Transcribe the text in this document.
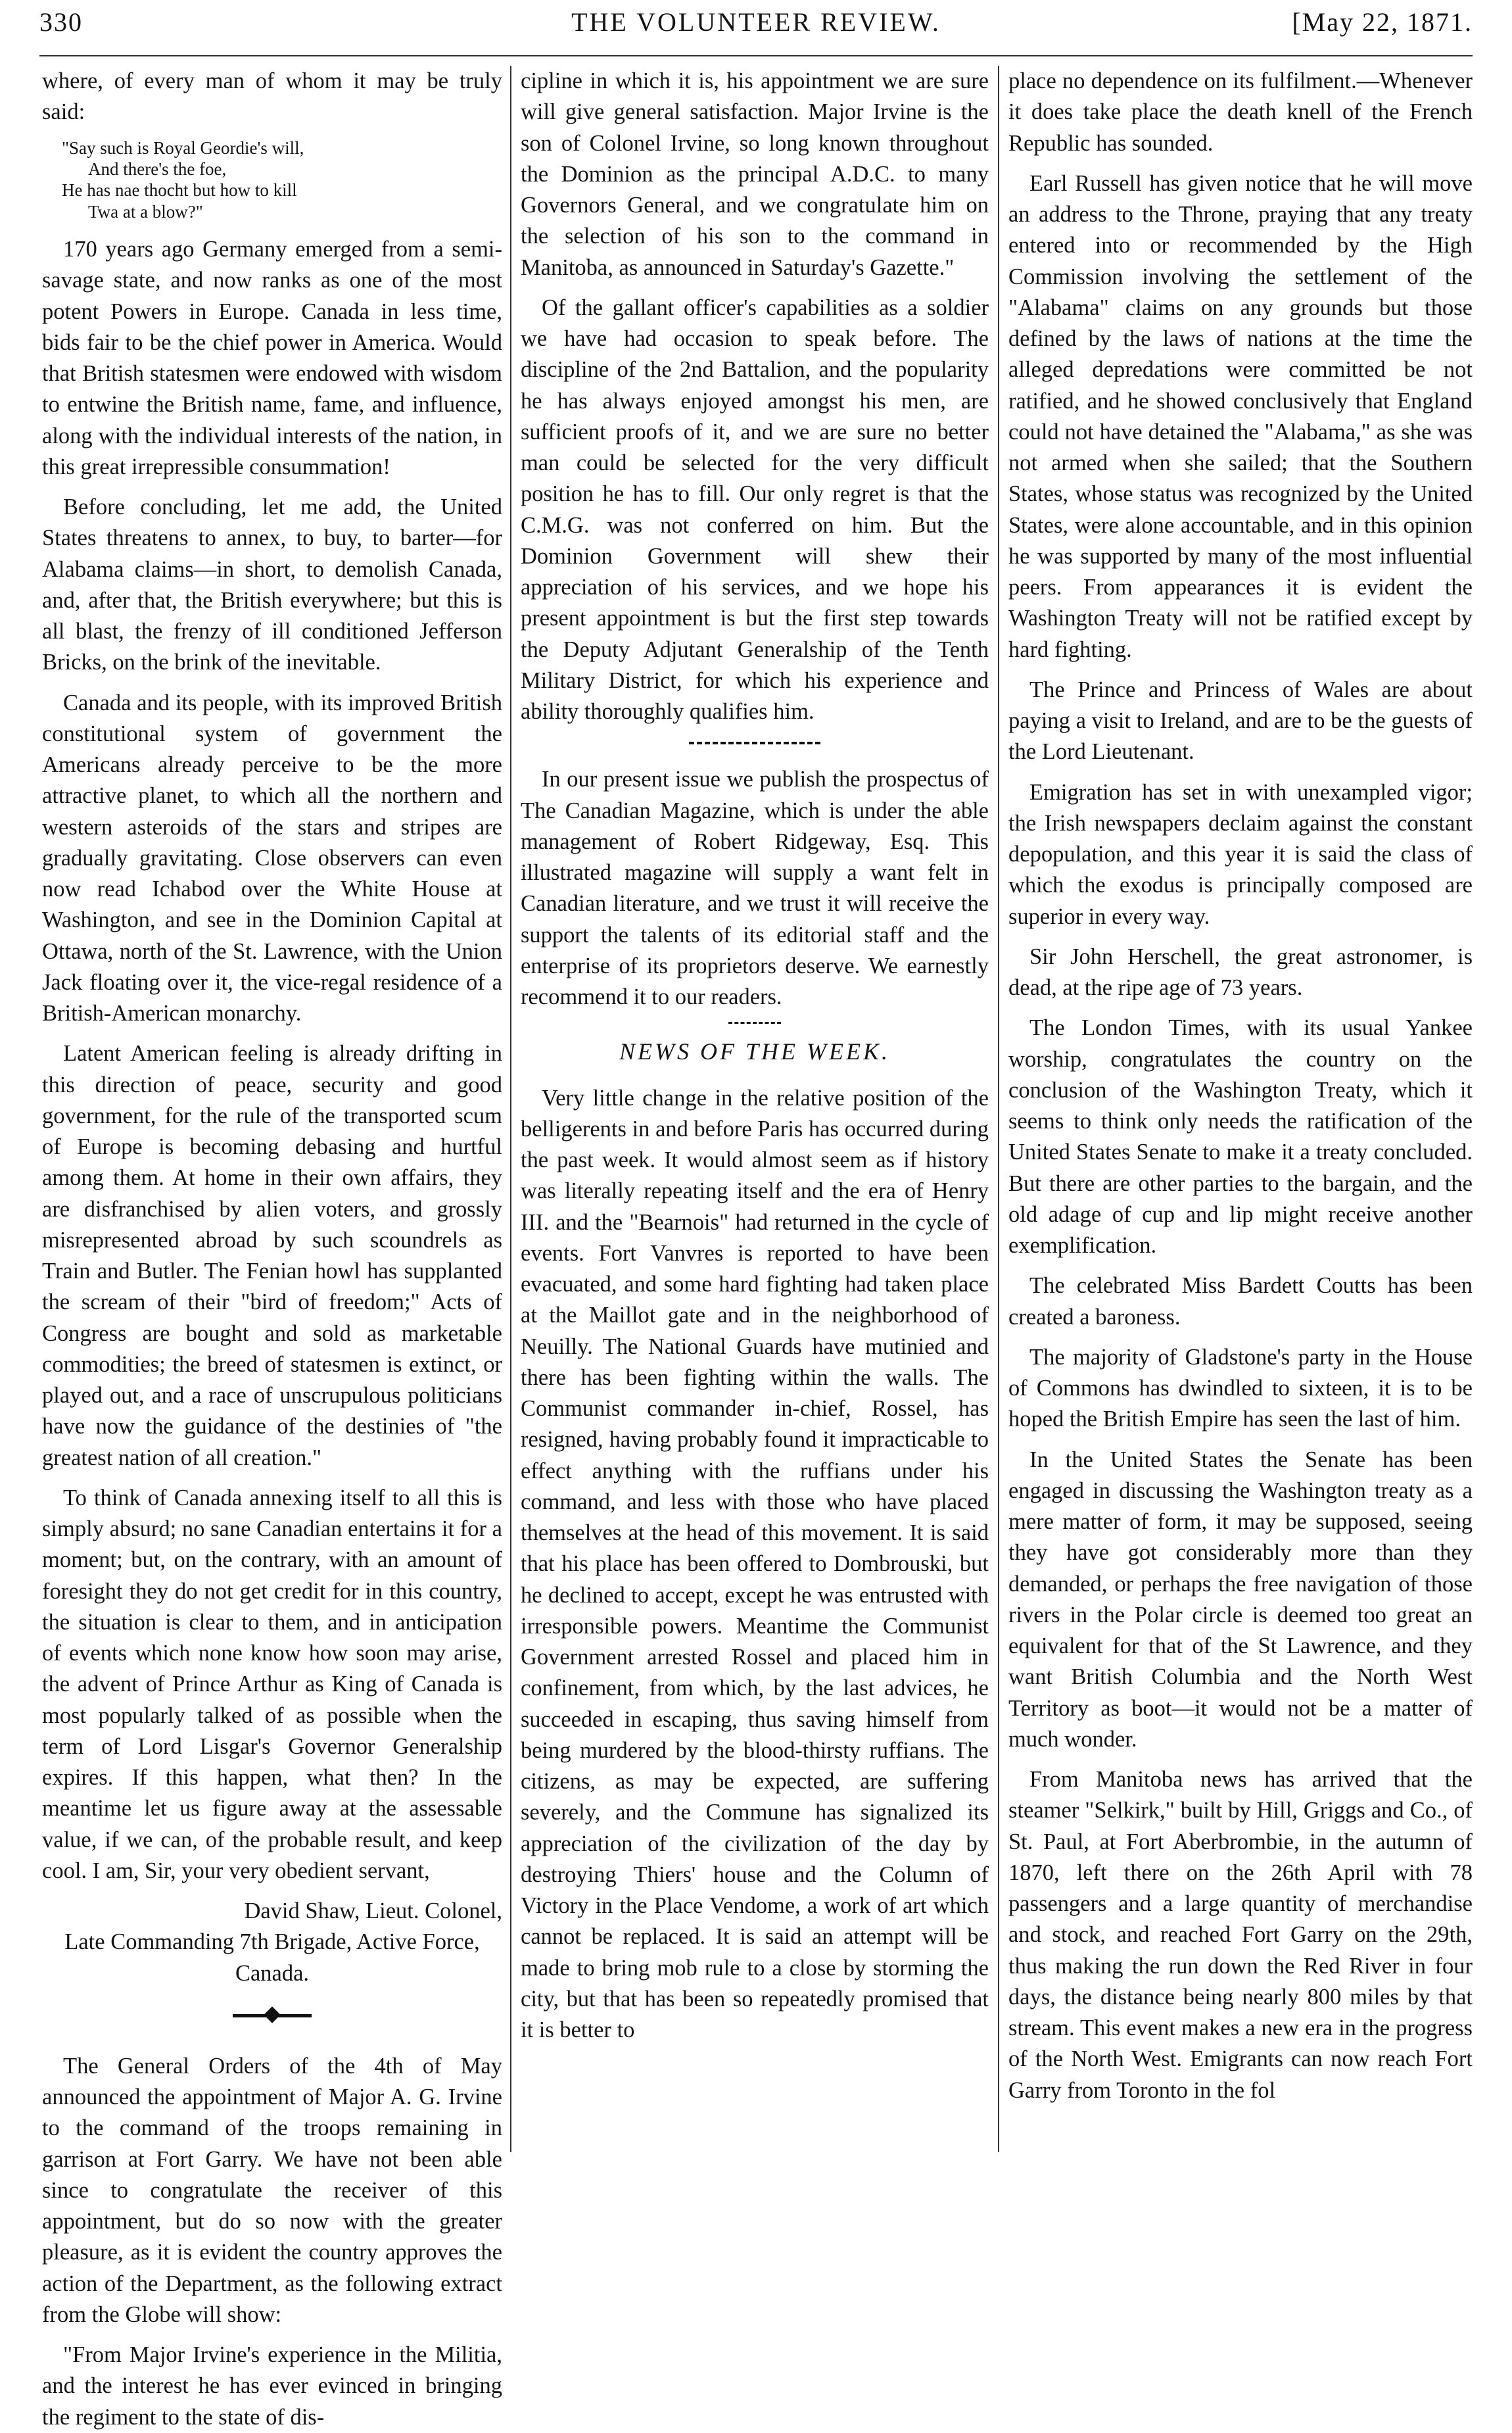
330	THE VOLUNTEER REVIEW.	[May 22, 1871.

where, of every man of whom it may be truly said:

"Say such is Royal Geordie's will,
And there's the foe,
He has nae thocht but how to kill
Twa at a blow?"

170 years ago Germany emerged from a semi-savage state, and now ranks as one of the most potent Powers in Europe. Canada in less time, bids fair to be the chief power in America. Would that British statesmen were endowed with wisdom to entwine the British name, fame, and influence, along with the individual interests of the nation, in this great irrepressible consummation!

Before concluding, let me add, the United States threatens to annex, to buy, to barter—for Alabama claims—in short, to demolish Canada, and, after that, the British everywhere; but this is all blast, the frenzy of ill conditioned Jefferson Bricks, on the brink of the inevitable.

Canada and its people, with its improved British constitutional system of government the Americans already perceive to be the more attractive planet, to which all the northern and western asteroids of the stars and stripes are gradually gravitating. Close observers can even now read Ichabod over the White House at Washington, and see in the Dominion Capital at Ottawa, north of the St. Lawrence, with the Union Jack floating over it, the vice-regal residence of a British-American monarchy.

Latent American feeling is already drifting in this direction of peace, security and good government, for the rule of the transported scum of Europe is becoming debasing and hurtful among them. At home in their own affairs, they are disfranchised by alien voters, and grossly misrepresented abroad by such scoundrels as Train and Butler. The Fenian howl has supplanted the scream of their "bird of freedom;" Acts of Congress are bought and sold as marketable commodities; the breed of statesmen is extinct, or played out, and a race of unscrupulous politicians have now the guidance of the destinies of "the greatest nation of all creation."

To think of Canada annexing itself to all this is simply absurd; no sane Canadian entertains it for a moment; but, on the contrary, with an amount of foresight they do not get credit for in this country, the situation is clear to them, and in anticipation of events which none know how soon may arise, the advent of Prince Arthur as King of Canada is most popularly talked of as possible when the term of Lord Lisgar's Governor Generalship expires. If this happen, what then? In the meantime let us figure away at the assessable value, if we can, of the probable result, and keep cool. I am, Sir, your very obedient servant,

David Shaw, Lieut. Colonel,

Late Commanding 7th Brigade, Active Force, Canada.

The General Orders of the 4th of May announced the appointment of Major A. G. Irvine to the command of the troops remaining in garrison at Fort Garry. We have not been able since to congratulate the receiver of this appointment, but do so now with the greater pleasure, as it is evident the country approves the action of the Department, as the following extract from the Globe will show:

"From Major Irvine's experience in the Militia, and the interest he has ever evinced in bringing the regiment to the state of dis-

cipline in which it is, his appointment we are sure will give general satisfaction. Major Irvine is the son of Colonel Irvine, so long known throughout the Dominion as the principal A.D.C. to many Governors General, and we congratulate him on the selection of his son to the command in Manitoba, as announced in Saturday's Gazette."

Of the gallant officer's capabilities as a soldier we have had occasion to speak before. The discipline of the 2nd Battalion, and the popularity he has always enjoyed amongst his men, are sufficient proofs of it, and we are sure no better man could be selected for the very difficult position he has to fill. Our only regret is that the C.M.G. was not conferred on him. But the Dominion Government will shew their appreciation of his services, and we hope his present appointment is but the first step towards the Deputy Adjutant Generalship of the Tenth Military District, for which his experience and ability thoroughly qualifies him.

In our present issue we publish the prospectus of The Canadian Magazine, which is under the able management of Robert Ridgeway, Esq. This illustrated magazine will supply a want felt in Canadian literature, and we trust it will receive the support the talents of its editorial staff and the enterprise of its proprietors deserve. We earnestly recommend it to our readers.

NEWS OF THE WEEK.

Very little change in the relative position of the belligerents in and before Paris has occurred during the past week. It would almost seem as if history was literally repeating itself and the era of Henry III. and the "Bearnois" had returned in the cycle of events. Fort Vanvres is reported to have been evacuated, and some hard fighting had taken place at the Maillot gate and in the neighborhood of Neuilly. The National Guards have mutinied and there has been fighting within the walls. The Communist commander in-chief, Rossel, has resigned, having probably found it impracticable to effect anything with the ruffians under his command, and less with those who have placed themselves at the head of this movement. It is said that his place has been offered to Dombrouski, but he declined to accept, except he was entrusted with irresponsible powers. Meantime the Communist Government arrested Rossel and placed him in confinement, from which, by the last advices, he succeeded in escaping, thus saving himself from being murdered by the blood-thirsty ruffians. The citizens, as may be expected, are suffering severely, and the Commune has signalized its appreciation of the civilization of the day by destroying Thiers' house and the Column of Victory in the Place Vendome, a work of art which cannot be replaced. It is said an attempt will be made to bring mob rule to a close by storming the city, but that has been so repeatedly promised that it is better to

place no dependence on its fulfilment.—Whenever it does take place the death knell of the French Republic has sounded.

Earl Russell has given notice that he will move an address to the Throne, praying that any treaty entered into or recommended by the High Commission involving the settlement of the "Alabama" claims on any grounds but those defined by the laws of nations at the time the alleged depredations were committed be not ratified, and he showed conclusively that England could not have detained the "Alabama," as she was not armed when she sailed; that the Southern States, whose status was recognized by the United States, were alone accountable, and in this opinion he was supported by many of the most influential peers. From appearances it is evident the Washington Treaty will not be ratified except by hard fighting.

The Prince and Princess of Wales are about paying a visit to Ireland, and are to be the guests of the Lord Lieutenant.

Emigration has set in with unexampled vigor; the Irish newspapers declaim against the constant depopulation, and this year it is said the class of which the exodus is principally composed are superior in every way.

Sir John Herschell, the great astronomer, is dead, at the ripe age of 73 years.

The London Times, with its usual Yankee worship, congratulates the country on the conclusion of the Washington Treaty, which it seems to think only needs the ratification of the United States Senate to make it a treaty concluded. But there are other parties to the bargain, and the old adage of cup and lip might receive another exemplification.

The celebrated Miss Bardett Coutts has been created a baroness.

The majority of Gladstone's party in the House of Commons has dwindled to sixteen, it is to be hoped the British Empire has seen the last of him.

In the United States the Senate has been engaged in discussing the Washington treaty as a mere matter of form, it may be supposed, seeing they have got considerably more than they demanded, or perhaps the free navigation of those rivers in the Polar circle is deemed too great an equivalent for that of the St Lawrence, and they want British Columbia and the North West Territory as boot—it would not be a matter of much wonder.

From Manitoba news has arrived that the steamer "Selkirk," built by Hill, Griggs and Co., of St. Paul, at Fort Aberbrombie, in the autumn of 1870, left there on the 26th April with 78 passengers and a large quantity of merchandise and stock, and reached Fort Garry on the 29th, thus making the run down the Red River in four days, the distance being nearly 800 miles by that stream. This event makes a new era in the progress of the North West. Emigrants can now reach Fort Garry from Toronto in the fol
